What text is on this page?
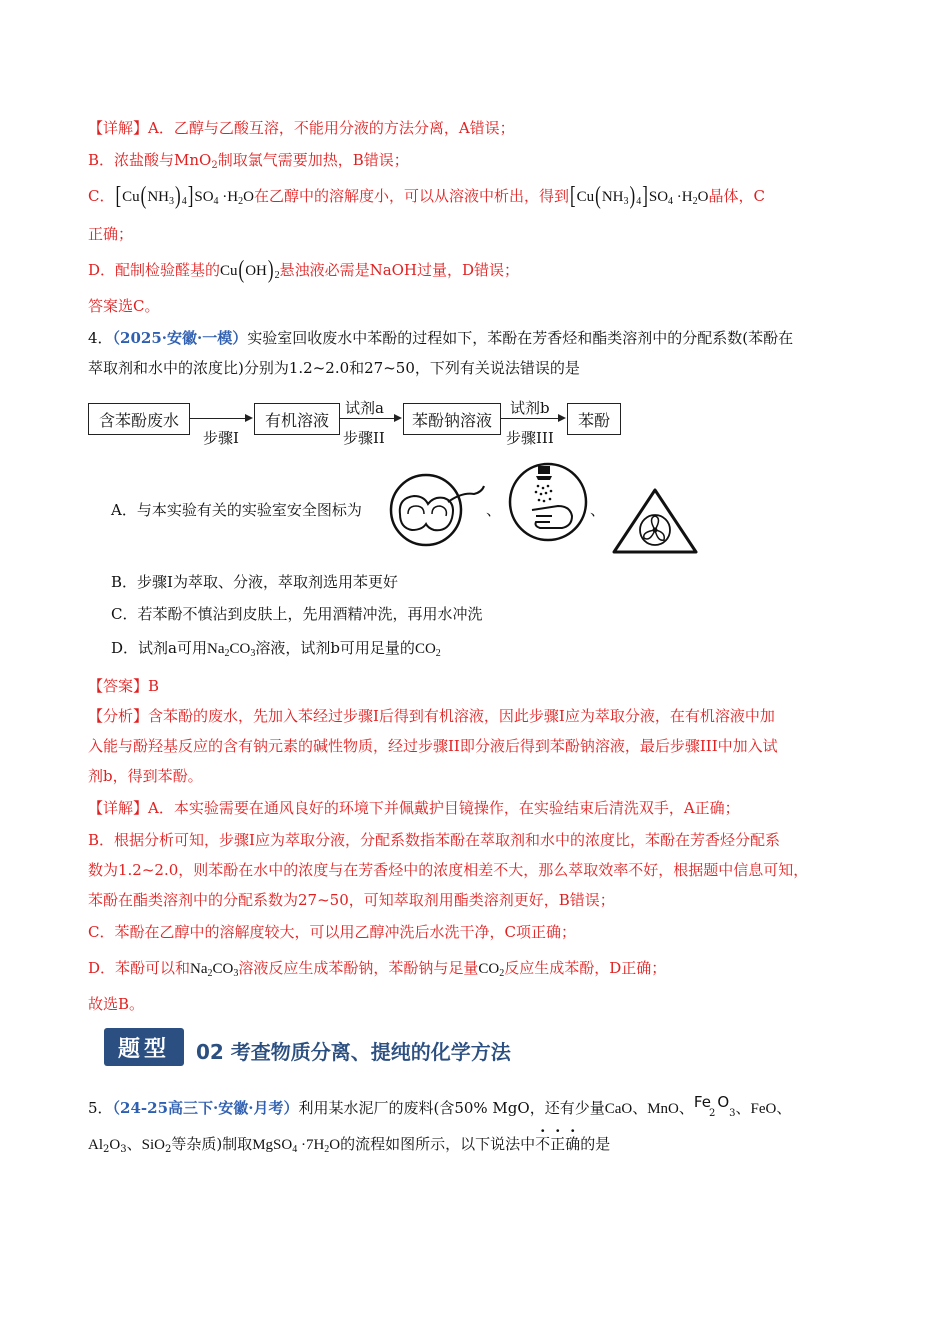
【详解】A．乙醇与乙酸互溶，不能用分液的方法分离，A错误；
B．浓盐酸与MnO$_2$制取氯气需要加热，B错误；
C．$[Cu(NH_3)_4]SO_4 \cdot H_2O$在乙醇中的溶解度小，可以从溶液中析出，得到$[Cu(NH_3)_4]SO_4 \cdot H_2O$晶体，C
正确；
D．配制检验醛基的$Cu(OH)_2$悬浊液必需是NaOH过量，D错误；
答案选C。
4．（2025·安徽·一模）实验室回收废水中苯酚的过程如下，苯酚在芳香烃和酯类溶剂中的分配系数(苯酚在
萃取剂和水中的浓度比)分别为1.2~2.0和27~50，下列有关说法错误的是
含苯酚废水
步骤I
有机溶液
试剂a
步骤II
苯酚钠溶液
试剂b
步骤III
苯酚
A．与本实验有关的实验室安全图标为	、	、
B．步骤Ⅰ为萃取、分液，萃取剂选用苯更好
C．若苯酚不慎沾到皮肤上，先用酒精冲洗，再用水冲洗
D．试剂a可用$Na_2CO_3$溶液，试剂b可用足量的$CO_2$
【答案】B
【分析】含苯酚的废水，先加入苯经过步骤I后得到有机溶液，因此步骤I应为萃取分液，在有机溶液中加
入能与酚羟基反应的含有钠元素的碱性物质，经过步骤II即分液后得到苯酚钠溶液，最后步骤III中加入试
剂b，得到苯酚。
【详解】A．本实验需要在通风良好的环境下并佩戴护目镜操作，在实验结束后清洗双手，A正确；
B．根据分析可知，步骤I应为萃取分液，分配系数指苯酚在萃取剂和水中的浓度比，苯酚在芳香烃分配系
数为1.2~2.0，则苯酚在水中的浓度与在芳香烃中的浓度相差不大，那么萃取效率不好，根据题中信息可知，
苯酚在酯类溶剂中的分配系数为27~50，可知萃取剂用酯类溶剂更好，B错误；
C．苯酚在乙醇中的溶解度较大，可以用乙醇冲洗后水洗干净，C项正确；
D．苯酚可以和$Na_2CO_3$溶液反应生成苯酚钠，苯酚钠与足量$CO_2$反应生成苯酚，D正确；
故选B。
题型	02 考查物质分离、提纯的化学方法
5．（24-25高三下·安徽·月考）利用某水泥厂的废料(含50% MgO，还有少量CaO、MnO、$Fe_2O_3$、FeO、
$Al_2O_3$、SiO$_2$等杂质)制取MgSO$_4$ $\cdot 7H_2O$的流程如图所示，以下说法中不正确的是
